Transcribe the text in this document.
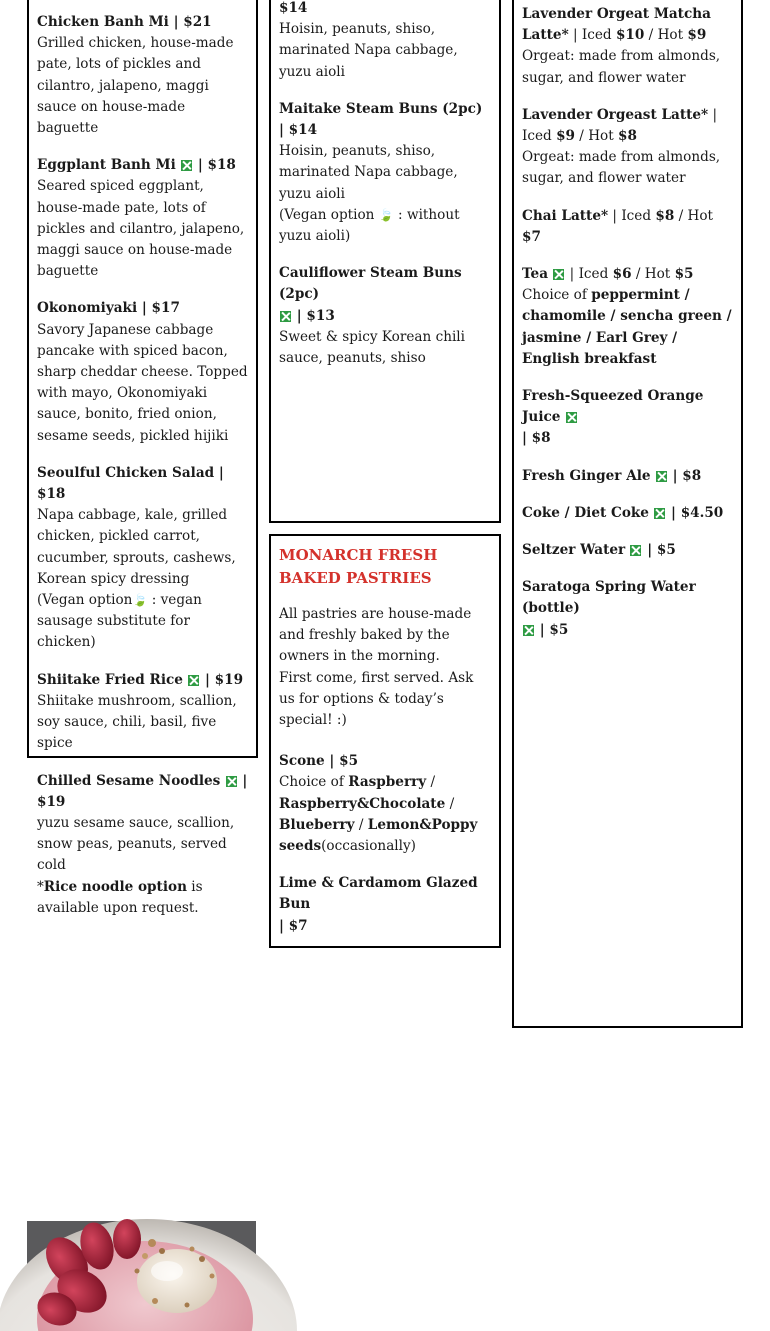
Chicken Banh Mi | $21
Grilled chicken, house-made pate, lots of pickles and cilantro, jalapeno, maggi sauce on house-made baguette
Eggplant Banh Mi  | $18
Seared spiced eggplant, house-made pate, lots of pickles and cilantro, jalapeno, maggi sauce on house-made baguette
Okonomiyaki | $17
Savory Japanese cabbage pancake with spiced bacon, sharp cheddar cheese. Topped with mayo, Okonomiyaki sauce, bonito, fried onion, sesame seeds, pickled hijiki
Seoulful Chicken Salad | $18
Napa cabbage, kale, grilled chicken, pickled carrot, cucumber, sprouts, cashews, Korean spicy dressing
(Vegan option🍃 : vegan sausage substitute for chicken)
Shiitake Fried Rice  | $19
Shiitake mushroom, scallion, soy sauce, chili, basil, five spice
Chilled Sesame Noodles  | $19
yuzu sesame sauce, scallion, snow peas, peanuts, served cold
*Rice noodle option is available upon request.
$14
Hoisin, peanuts, shiso, marinated Napa cabbage, yuzu aioli
Maitake Steam Buns (2pc) | $14
Hoisin, peanuts, shiso, marinated Napa cabbage, yuzu aioli
(Vegan option 🍃 : without yuzu aioli)
Cauliflower Steam Buns (2pc)
| $13
Sweet & spicy Korean chili sauce, peanuts, shiso
MONARCH FRESH BAKED PASTRIES

All pastries are house-made and freshly baked by the owners in the morning.

First come, first served. Ask us for options & today’s special! :)

Scone | $5
Choice of Raspberry / Raspberry&Chocolate / Blueberry / Lemon&Poppy seeds(occasionally)
Lime & Cardamom Glazed Bun
| $7
Lavender Orgeat Matcha Latte* | Iced $10 / Hot $9
Orgeat: made from almonds, sugar, and flower water
Lavender Orgeast Latte* | Iced $9 / Hot $8
Orgeat: made from almonds, sugar, and flower water
Chai Latte* | Iced $8 / Hot $7
Tea  | Iced $6 / Hot $5
Choice of peppermint / chamomile / sencha green / jasmine / Earl Grey / English breakfast
Fresh-Squeezed Orange Juice
| $8
Fresh Ginger Ale  | $8
Coke / Diet Coke  | $4.50
Seltzer Water  | $5
Saratoga Spring Water (bottle)
| $5
